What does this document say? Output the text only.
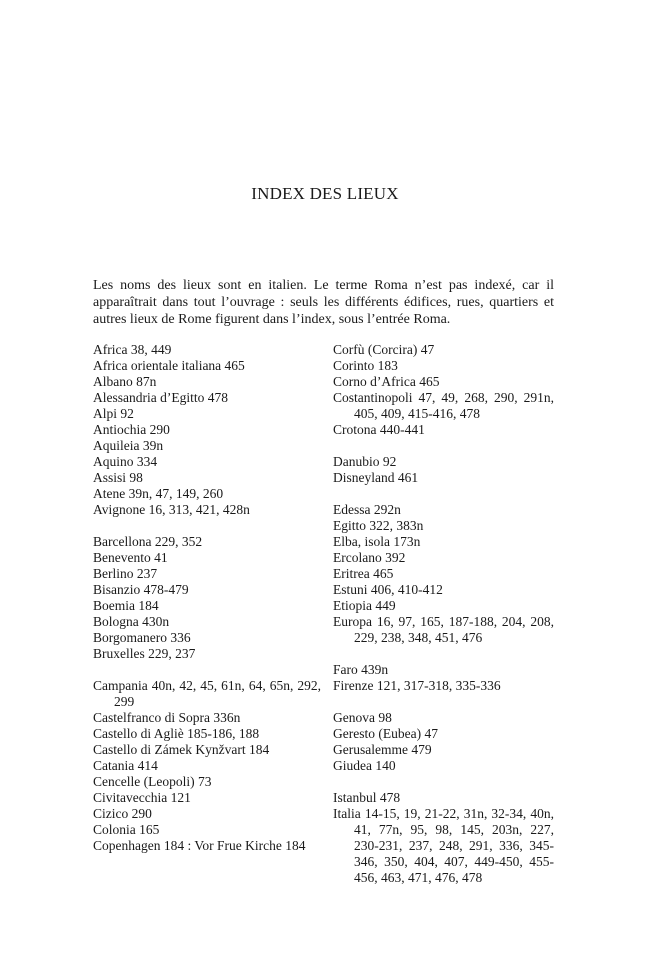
INDEX DES LIEUX

Les noms des lieux sont en italien. Le terme Roma n’est pas indexé, car il apparaîtrait dans tout l’ouvrage : seuls les différents édifices, rues, quartiers et autres lieux de Rome figurent dans l’index, sous l’entrée Roma.

Africa 38, 449
Africa orientale italiana 465
Albano 87n
Alessandria d’Egitto 478
Alpi 92
Antiochia 290
Aquileia 39n
Aquino 334
Assisi 98
Atene 39n, 47, 149, 260
Avignone 16, 313, 421, 428n
Barcellona 229, 352
Benevento 41
Berlino 237
Bisanzio 478-479
Boemia 184
Bologna 430n
Borgomanero 336
Bruxelles 229, 237
Campania 40n, 42, 45, 61n, 64, 65n, 292, 299
Castelfranco di Sopra 336n
Castello di Agliè 185-186, 188
Castello di Zámek Kynžvart 184
Catania 414
Cencelle (Leopoli) 73
Civitavecchia 121
Cizico 290
Colonia 165
Copenhagen 184 : Vor Frue Kirche 184
Corfù (Corcira) 47
Corinto 183
Corno d’Africa 465
Costantinopoli 47, 49, 268, 290, 291n, 405, 409, 415-416, 478
Crotona 440-441
Danubio 92
Disneyland 461
Edessa 292n
Egitto 322, 383n
Elba, isola 173n
Ercolano 392
Eritrea 465
Estuni 406, 410-412
Etiopia 449
Europa 16, 97, 165, 187-188, 204, 208, 229, 238, 348, 451, 476
Faro 439n
Firenze 121, 317-318, 335-336
Genova 98
Geresto (Eubea) 47
Gerusalemme 479
Giudea 140
Istanbul 478
Italia 14-15, 19, 21-22, 31n, 32-34, 40n, 41, 77n, 95, 98, 145, 203n, 227, 230-231, 237, 248, 291, 336, 345-346, 350, 404, 407, 449-450, 455-456, 463, 471, 476, 478
